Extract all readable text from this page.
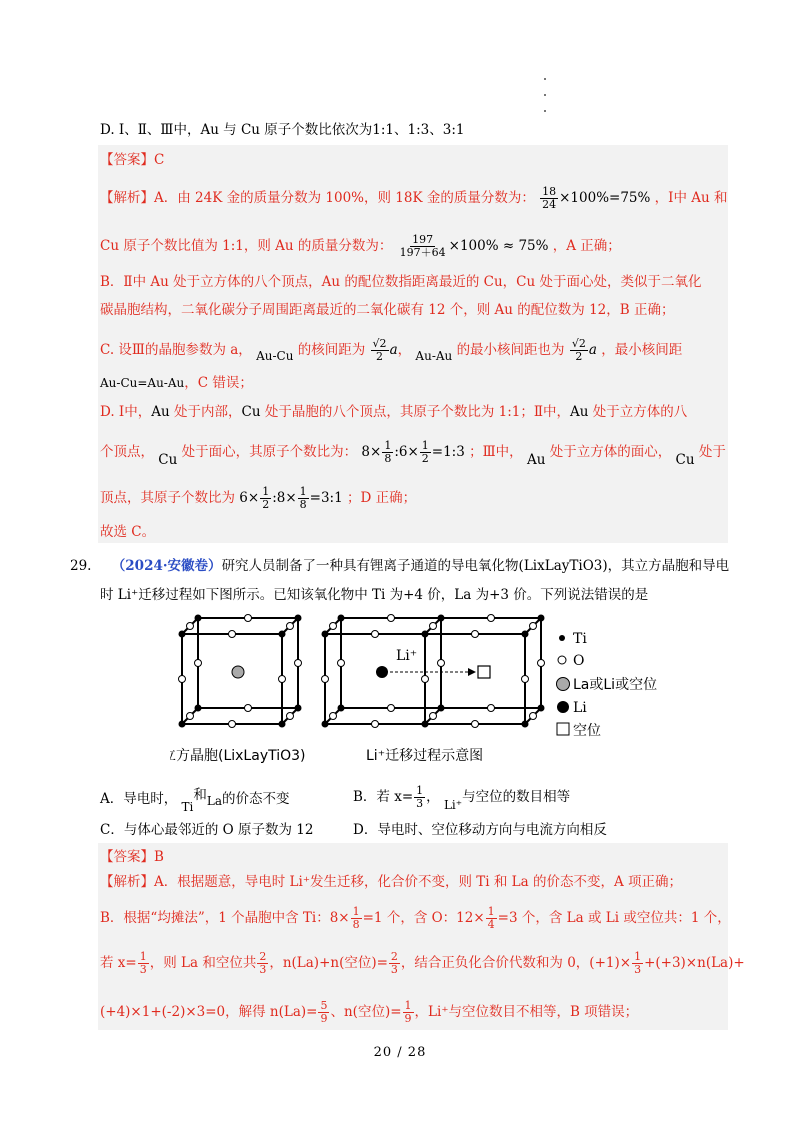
D. Ⅰ、Ⅱ、Ⅲ中，Au 与 Cu 原子个数比依次为1:1、1:3、3:1
【答案】C
【解析】A．由 24K 金的质量分数为 100%，则 18K 金的质量分数为： $\frac{18}{24} \times 100\%=75\%$ ，Ⅰ中 Au 和
Cu 原子个数比值为 1:1，则 Au 的质量分数为： $\frac{197}{197+64} \times 100\% \approx 75\%$ ，A 正确；
B．Ⅱ中 Au 处于立方体的八个顶点，Au 的配位数指距离最近的 Cu，Cu 处于面心处，类似于二氧化
碳晶胞结构，二氧化碳分子周围距离最近的二氧化碳有 12 个，则 Au 的配位数为 12，B 正确；
C. 设Ⅲ的晶胞参数为 a， Au-Cu 的核间距为 $\frac{√2}{2}$ a， Au-Au 的最小核间距也为 $\frac{√2}{2}$ a ，最小核间距
Au-Cu=Au-Au，C 错误；
D. Ⅰ中，Au 处于内部，Cu 处于晶胞的八个顶点，其原子个数比为 1:1；Ⅱ中，Au 处于立方体的八
个顶点， Cu 处于面心，其原子个数比为： $8\times \frac{1}{8}$ :6× $\frac{1}{2}$ =1:3 ；Ⅲ中， Au 处于立方体的面心， Cu 处于
顶点，其原子个数比为 $6\times \frac{1}{2}$ :8× $\frac{1}{8}$ =3:1 ；D 正确；
故选 C。
29. （2024·安徽卷）研究人员制备了一种具有锂离子通道的导电氧化物(LixLayTiO3)，其立方晶胞和导电
时 Li⁺迁移过程如下图所示。已知该氧化物中 Ti 为+4 价，La 为+3 价。下列说法错误的是
Li⁺
Ti
O
La或Li或空位
Li
空位
立方晶胞(LixLayTiO3)	Li⁺迁移过程示意图
A．导电时， Ti和La的价态不变	B．若 $x= \frac{1}{3}$ ， Li⁺与空位的数目相等
C．与体心最邻近的 O 原子数为 12	D．导电时、空位移动方向与电流方向相反
【答案】B
【解析】A．根据题意，导电时 Li⁺发生迁移，化合价不变，则 Ti 和 La 的价态不变，A 项正确；
B．根据“均摊法”，1 个晶胞中含 Ti：$8\times \frac{1}{8} =1$ 个，含 O：$12\times \frac{1}{4} =3$ 个，含 La 或 Li 或空位共：1 个，
若 $x= \frac{1}{3}$ ，则 La 和空位共 $\frac{2}{3}$ ，n(La)+n(空位)= $\frac{2}{3}$ ，结合正负化合价代数和为 0，$(+1)\times \frac{1}{3} +(+3)\times n(La)+$
(+4)×1+(-2)×3=0，解得 $n(La)= \frac{5}{9}$ 、n(空位)= $\frac{1}{9}$ ，Li⁺与空位数目不相等，B 项错误；
20 / 28
